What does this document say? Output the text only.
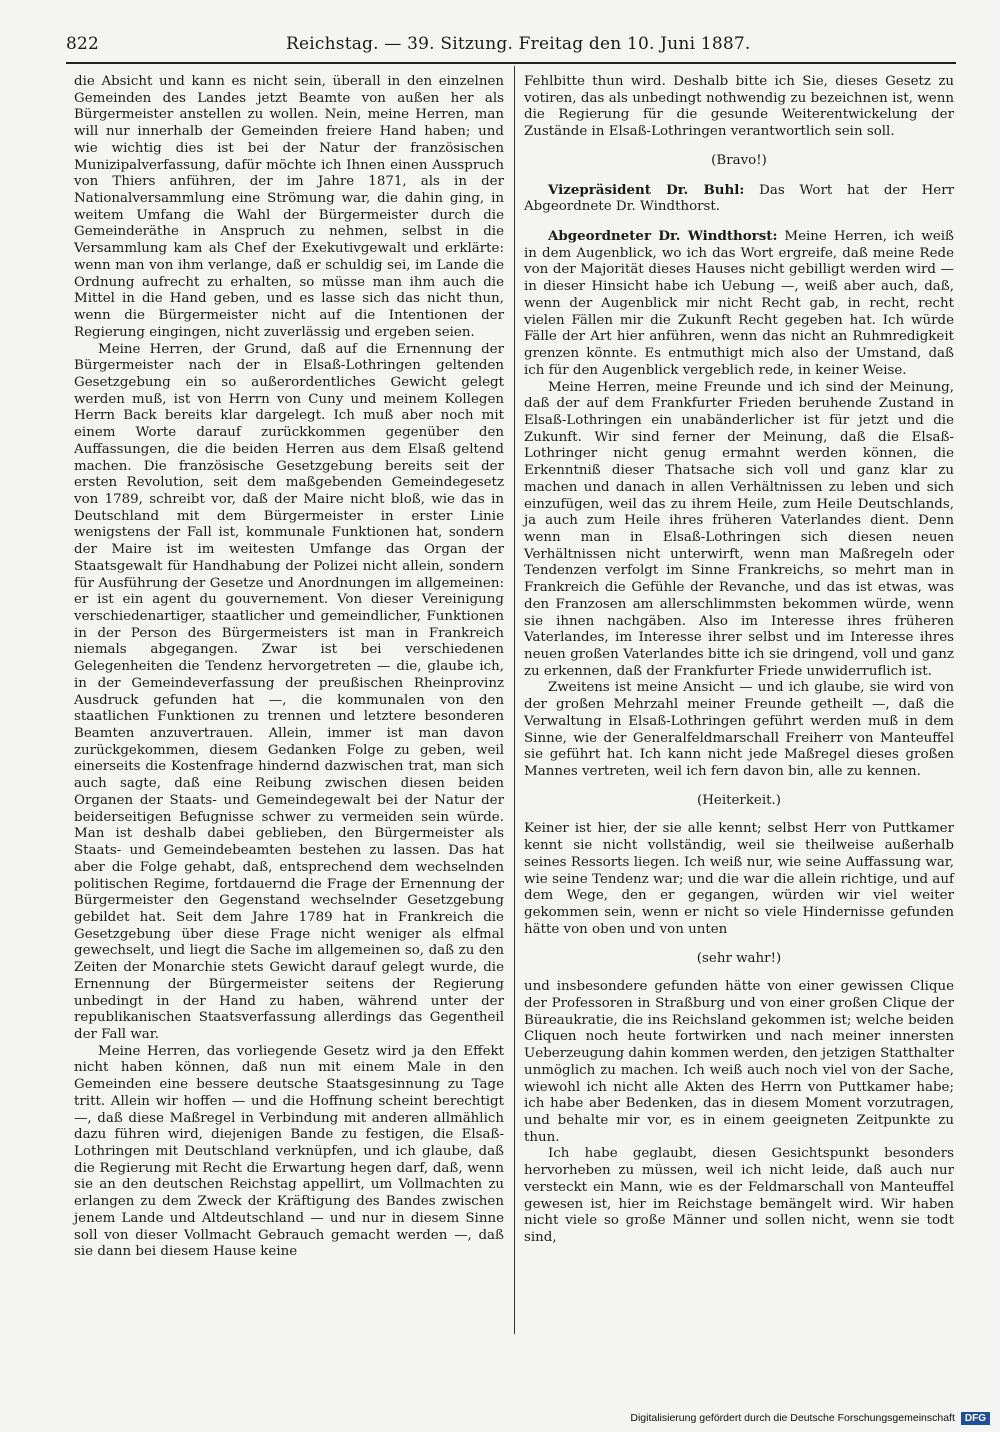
822	Reichstag. — 39. Sitzung. Freitag den 10. Juni 1887.

die Absicht und kann es nicht sein, überall in den einzelnen Gemeinden des Landes jetzt Beamte von außen her als Bürgermeister anstellen zu wollen. Nein, meine Herren, man will nur innerhalb der Gemeinden freiere Hand haben; und wie wichtig dies ist bei der Natur der französischen Munizipalverfassung, dafür möchte ich Ihnen einen Ausspruch von Thiers anführen, der im Jahre 1871, als in der Nationalversammlung eine Strömung war, die dahin ging, in weitem Umfang die Wahl der Bürgermeister durch die Gemeinderäthe in Anspruch zu nehmen, selbst in die Versammlung kam als Chef der Exekutivgewalt und erklärte: wenn man von ihm verlange, daß er schuldig sei, im Lande die Ordnung aufrecht zu erhalten, so müsse man ihm auch die Mittel in die Hand geben, und es lasse sich das nicht thun, wenn die Bürgermeister nicht auf die Intentionen der Regierung eingingen, nicht zuverlässig und ergeben seien.

Meine Herren, der Grund, daß auf die Ernennung der Bürgermeister nach der in Elsaß-Lothringen geltenden Gesetzgebung ein so außerordentliches Gewicht gelegt werden muß, ist von Herrn von Cuny und meinem Kollegen Herrn Back bereits klar dargelegt. Ich muß aber noch mit einem Worte darauf zurückkommen gegenüber den Auffassungen, die die beiden Herren aus dem Elsaß geltend machen. Die französische Gesetzgebung bereits seit der ersten Revolution, seit dem maßgebenden Gemeindegesetz von 1789, schreibt vor, daß der Maire nicht bloß, wie das in Deutschland mit dem Bürgermeister in erster Linie wenigstens der Fall ist, kommunale Funktionen hat, sondern der Maire ist im weitesten Umfange das Organ der Staatsgewalt für Handhabung der Polizei nicht allein, sondern für Ausführung der Gesetze und Anordnungen im allgemeinen: er ist ein agent du gouvernement. Von dieser Vereinigung verschiedenartiger, staatlicher und gemeindlicher, Funktionen in der Person des Bürgermeisters ist man in Frankreich niemals abgegangen. Zwar ist bei verschiedenen Gelegenheiten die Tendenz hervorgetreten — die, glaube ich, in der Gemeindeverfassung der preußischen Rheinprovinz Ausdruck gefunden hat —, die kommunalen von den staatlichen Funktionen zu trennen und letztere besonderen Beamten anzuvertrauen. Allein, immer ist man davon zurückgekommen, diesem Gedanken Folge zu geben, weil einerseits die Kostenfrage hindernd dazwischen trat, man sich auch sagte, daß eine Reibung zwischen diesen beiden Organen der Staats- und Gemeindegewalt bei der Natur der beiderseitigen Befugnisse schwer zu vermeiden sein würde. Man ist deshalb dabei geblieben, den Bürgermeister als Staats- und Gemeindebeamten bestehen zu lassen. Das hat aber die Folge gehabt, daß, entsprechend dem wechselnden politischen Regime, fortdauernd die Frage der Ernennung der Bürgermeister den Gegenstand wechselnder Gesetzgebung gebildet hat. Seit dem Jahre 1789 hat in Frankreich die Gesetzgebung über diese Frage nicht weniger als elfmal gewechselt, und liegt die Sache im allgemeinen so, daß zu den Zeiten der Monarchie stets Gewicht darauf gelegt wurde, die Ernennung der Bürgermeister seitens der Regierung unbedingt in der Hand zu haben, während unter der republikanischen Staatsverfassung allerdings das Gegentheil der Fall war.

Meine Herren, das vorliegende Gesetz wird ja den Effekt nicht haben können, daß nun mit einem Male in den Gemeinden eine bessere deutsche Staatsgesinnung zu Tage tritt. Allein wir hoffen — und die Hoffnung scheint berechtigt —, daß diese Maßregel in Verbindung mit anderen allmählich dazu führen wird, diejenigen Bande zu festigen, die Elsaß-Lothringen mit Deutschland verknüpfen, und ich glaube, daß die Regierung mit Recht die Erwartung hegen darf, daß, wenn sie an den deutschen Reichstag appellirt, um Vollmachten zu erlangen zu dem Zweck der Kräftigung des Bandes zwischen jenem Lande und Altdeutschland — und nur in diesem Sinne soll von dieser Vollmacht Gebrauch gemacht werden —, daß sie dann bei diesem Hause keine

Fehlbitte thun wird. Deshalb bitte ich Sie, dieses Gesetz zu votiren, das als unbedingt nothwendig zu bezeichnen ist, wenn die Regierung für die gesunde Weiterentwickelung der Zustände in Elsaß-Lothringen verantwortlich sein soll.

(Bravo!)

Vizepräsident Dr. Buhl: Das Wort hat der Herr Abgeordnete Dr. Windthorst.

Abgeordneter Dr. Windthorst: Meine Herren, ich weiß in dem Augenblick, wo ich das Wort ergreife, daß meine Rede von der Majorität dieses Hauses nicht gebilligt werden wird — in dieser Hinsicht habe ich Uebung —, weiß aber auch, daß, wenn der Augenblick mir nicht Recht gab, in recht, recht vielen Fällen mir die Zukunft Recht gegeben hat. Ich würde Fälle der Art hier anführen, wenn das nicht an Ruhmredigkeit grenzen könnte. Es entmuthigt mich also der Umstand, daß ich für den Augenblick vergeblich rede, in keiner Weise.

Meine Herren, meine Freunde und ich sind der Meinung, daß der auf dem Frankfurter Frieden beruhende Zustand in Elsaß-Lothringen ein unabänderlicher ist für jetzt und die Zukunft. Wir sind ferner der Meinung, daß die Elsaß-Lothringer nicht genug ermahnt werden können, die Erkenntniß dieser Thatsache sich voll und ganz klar zu machen und danach in allen Verhältnissen zu leben und sich einzufügen, weil das zu ihrem Heile, zum Heile Deutschlands, ja auch zum Heile ihres früheren Vaterlandes dient. Denn wenn man in Elsaß-Lothringen sich diesen neuen Verhältnissen nicht unterwirft, wenn man Maßregeln oder Tendenzen verfolgt im Sinne Frankreichs, so mehrt man in Frankreich die Gefühle der Revanche, und das ist etwas, was den Franzosen am allerschlimmsten bekommen würde, wenn sie ihnen nachgäben. Also im Interesse ihres früheren Vaterlandes, im Interesse ihrer selbst und im Interesse ihres neuen großen Vaterlandes bitte ich sie dringend, voll und ganz zu erkennen, daß der Frankfurter Friede unwiderruflich ist.

Zweitens ist meine Ansicht — und ich glaube, sie wird von der großen Mehrzahl meiner Freunde getheilt —, daß die Verwaltung in Elsaß-Lothringen geführt werden muß in dem Sinne, wie der Generalfeldmarschall Freiherr von Manteuffel sie geführt hat. Ich kann nicht jede Maßregel dieses großen Mannes vertreten, weil ich fern davon bin, alle zu kennen.

(Heiterkeit.)

Keiner ist hier, der sie alle kennt; selbst Herr von Puttkamer kennt sie nicht vollständig, weil sie theilweise außerhalb seines Ressorts liegen. Ich weiß nur, wie seine Auffassung war, wie seine Tendenz war; und die war die allein richtige, und auf dem Wege, den er gegangen, würden wir viel weiter gekommen sein, wenn er nicht so viele Hindernisse gefunden hätte von oben und von unten

(sehr wahr!)

und insbesondere gefunden hätte von einer gewissen Clique der Professoren in Straßburg und von einer großen Clique der Büreaukratie, die ins Reichsland gekommen ist; welche beiden Cliquen noch heute fortwirken und nach meiner innersten Ueberzeugung dahin kommen werden, den jetzigen Statthalter unmöglich zu machen. Ich weiß auch noch viel von der Sache, wiewohl ich nicht alle Akten des Herrn von Puttkamer habe; ich habe aber Bedenken, das in diesem Moment vorzutragen, und behalte mir vor, es in einem geeigneten Zeitpunkte zu thun.

Ich habe geglaubt, diesen Gesichtspunkt besonders hervorheben zu müssen, weil ich nicht leide, daß auch nur versteckt ein Mann, wie es der Feldmarschall von Manteuffel gewesen ist, hier im Reichstage bemängelt wird. Wir haben nicht viele so große Männer und sollen nicht, wenn sie todt sind,

Digitalisierung gefördert durch die Deutsche Forschungsgemeinschaft	DFG
